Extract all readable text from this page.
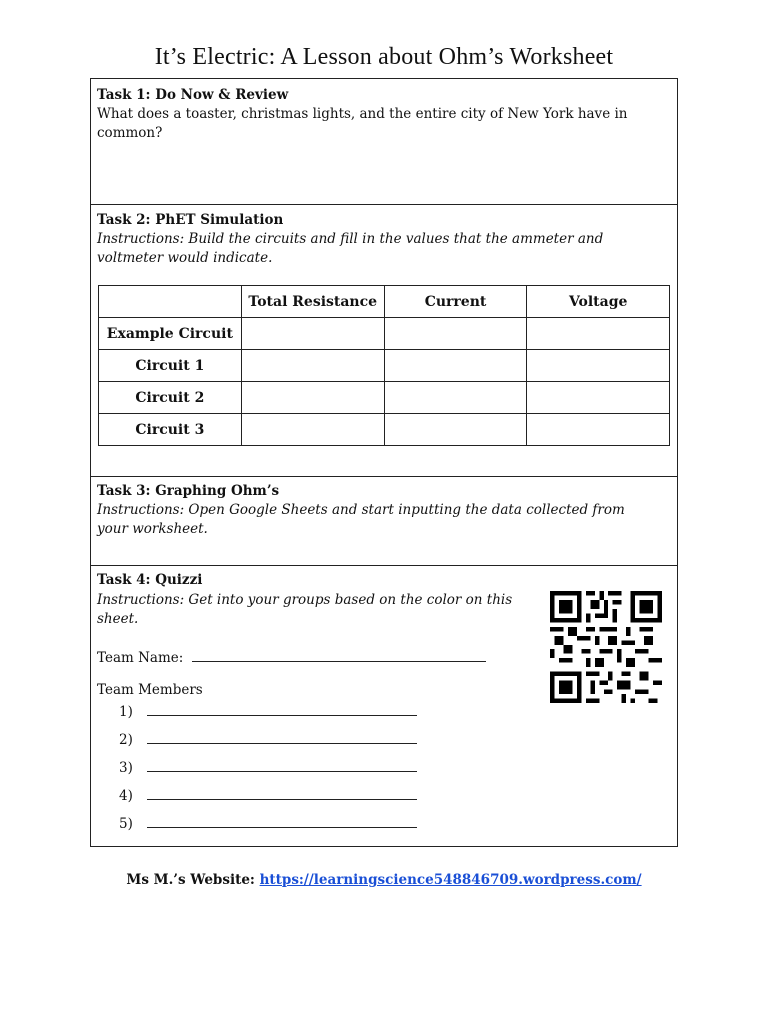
It’s Electric: A Lesson about Ohm’s Worksheet
Task 1: Do Now & Review
What does a toaster, christmas lights, and the entire city of New York have in common?
Task 2: PhET Simulation
Instructions: Build the circuits and fill in the values that the ammeter and voltmeter would indicate.
	Total Resistance	Current	Voltage
Example Circuit			
Circuit 1			
Circuit 2			
Circuit 3			
Task 3: Graphing Ohm’s
Instructions: Open Google Sheets and start inputting the data collected from your worksheet.
Task 4: Quizzi
Instructions: Get into your groups based on the color on this sheet.
Team Name:
Team Members
1)
2)
3)
4)
5)
Ms M.’s Website: https://learningscience548846709.wordpress.com/
